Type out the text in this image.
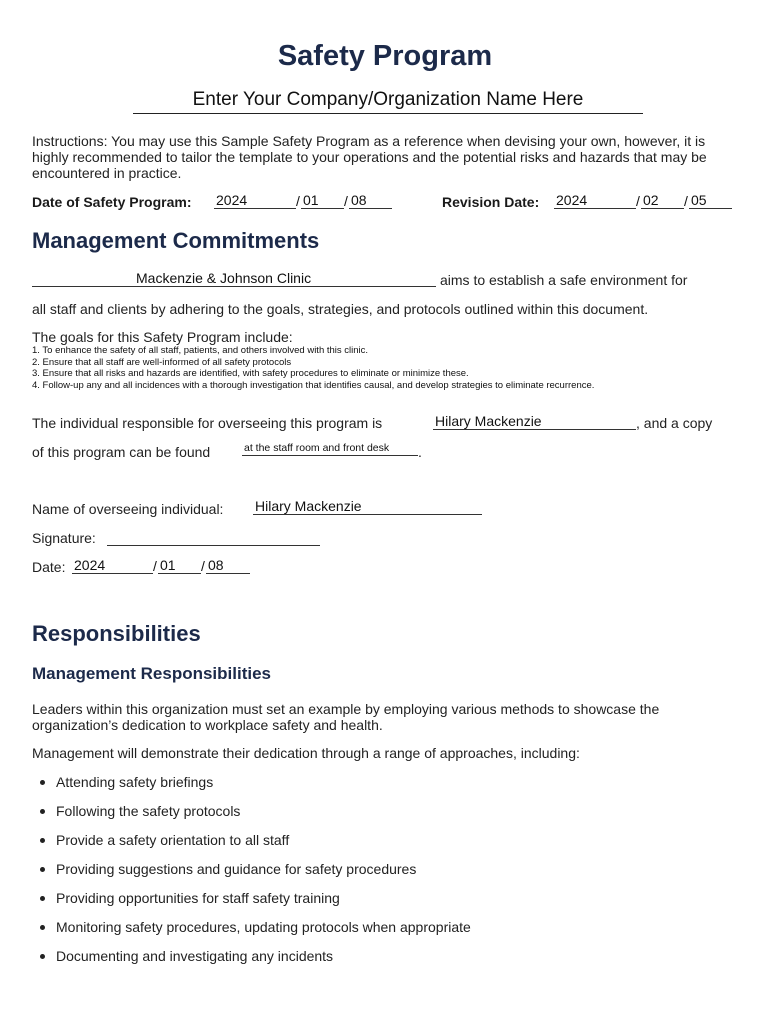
Safety Program
Enter Your Company/Organization Name Here
Instructions: You may use this Sample Safety Program as a reference when devising your own, however, it is highly recommended to tailor the template to your operations and the potential risks and hazards that may be encountered in practice.
Date of Safety Program: 2024	/ 01	/ 08	Revision Date: 2024	/ 02	/ 05
Management Commitments
Mackenzie & Johnson Clinic	aims to establish a safe environment for
all staff and clients by adhering to the goals, strategies, and protocols outlined within this document.
The goals for this Safety Program include:
1. To enhance the safety of all staff, patients, and others involved with this clinic.
2. Ensure that all staff are well-informed of all safety protocols
3. Ensure that all risks and hazards are identified, with safety procedures to eliminate or minimize these.
4. Follow-up any and all incidences with a thorough investigation that identifies causal, and develop strategies to eliminate recurrence.
The individual responsible for overseeing this program is	Hilary Mackenzie	, and a copy
of this program can be found	at the staff room and front desk	.
Name of overseeing individual: Hilary Mackenzie
Signature:
Date: 2024	/ 01	/ 08
Responsibilities
Management Responsibilities
Leaders within this organization must set an example by employing various methods to showcase the organization’s dedication to workplace safety and health.
Management will demonstrate their dedication through a range of approaches, including:
Attending safety briefings
Following the safety protocols
Provide a safety orientation to all staff
Providing suggestions and guidance for safety procedures
Providing opportunities for staff safety training
Monitoring safety procedures, updating protocols when appropriate
Documenting and investigating any incidents
